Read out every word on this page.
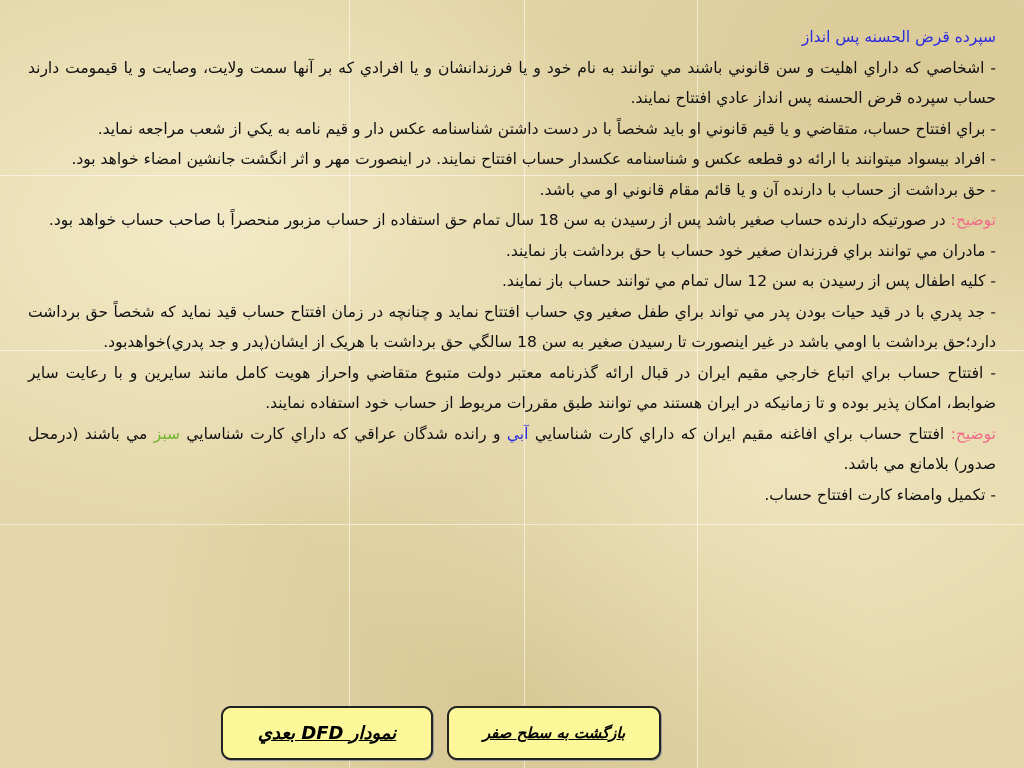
سپرده قرض الحسنه پس انداز

- اشخاصي که داراي اهليت و سن قانوني باشند مي توانند به نام خود و يا فرزندانشان و يا افرادي که بر آنها سمت ولايت، وصايت و يا قيمومت دارند حساب سپرده قرض الحسنه پس انداز عادي افتتاح نمايند.

- براي افتتاح حساب، متقاضي و يا قيم قانوني او بايد شخصاً با در دست داشتن شناسنامه عکس دار و قيم نامه به يکي از شعب مراجعه نمايد.

- افراد بيسواد ميتوانند با ارائه دو قطعه عکس و شناسنامه عکسدار حساب افتتاح نمايند. در اينصورت مهر و اثر انگشت جانشين امضاء خواهد بود.

- حق برداشت از حساب با دارنده آن و يا قائم مقام قانوني او مي باشد.

توضيح: در صورتيکه دارنده حساب صغير باشد پس از رسيدن به سن 18 سال تمام حق استفاده از حساب مزبور منحصراً با صاحب حساب خواهد بود.

- مادران مي توانند براي فرزندان صغير خود حساب با حق برداشت باز نمايند.

- کليه اطفال پس از رسيدن به سن 12 سال تمام مي توانند حساب باز نمايند.

- جد پدري با در قيد حيات بودن پدر مي تواند براي طفل صغير وي حساب افتتاح نمايد و چنانچه در زمان افتتاح حساب قيد نمايد که شخصاً حق برداشت دارد؛حق برداشت با اومي باشد در غير اينصورت تا رسيدن صغير به سن 18 سالگي حق برداشت با هريک از ايشان(پدر و جد پدري)خواهدبود.

- افتتاح حساب براي اتباع خارجي مقيم ايران در قبال ارائه گذرنامه معتبر دولت متبوع متقاضي واحراز هويت کامل مانند سايرين و با رعايت ساير ضوابط، امکان پذير بوده و تا زمانيکه در ايران هستند مي توانند طبق مقررات مربوط از حساب خود استفاده نمايند.

توضيح: افتتاح حساب براي افاغنه مقيم ايران که داراي کارت شناسايي آبي و رانده شدگان عراقي که داراي کارت شناسايي سبز مي باشند (درمحل صدور) بلامانع مي باشد.

- تکميل وامضاء کارت افتتاح حساب.

نمودار DFD بعدي	بازگشت به سطح صفر
